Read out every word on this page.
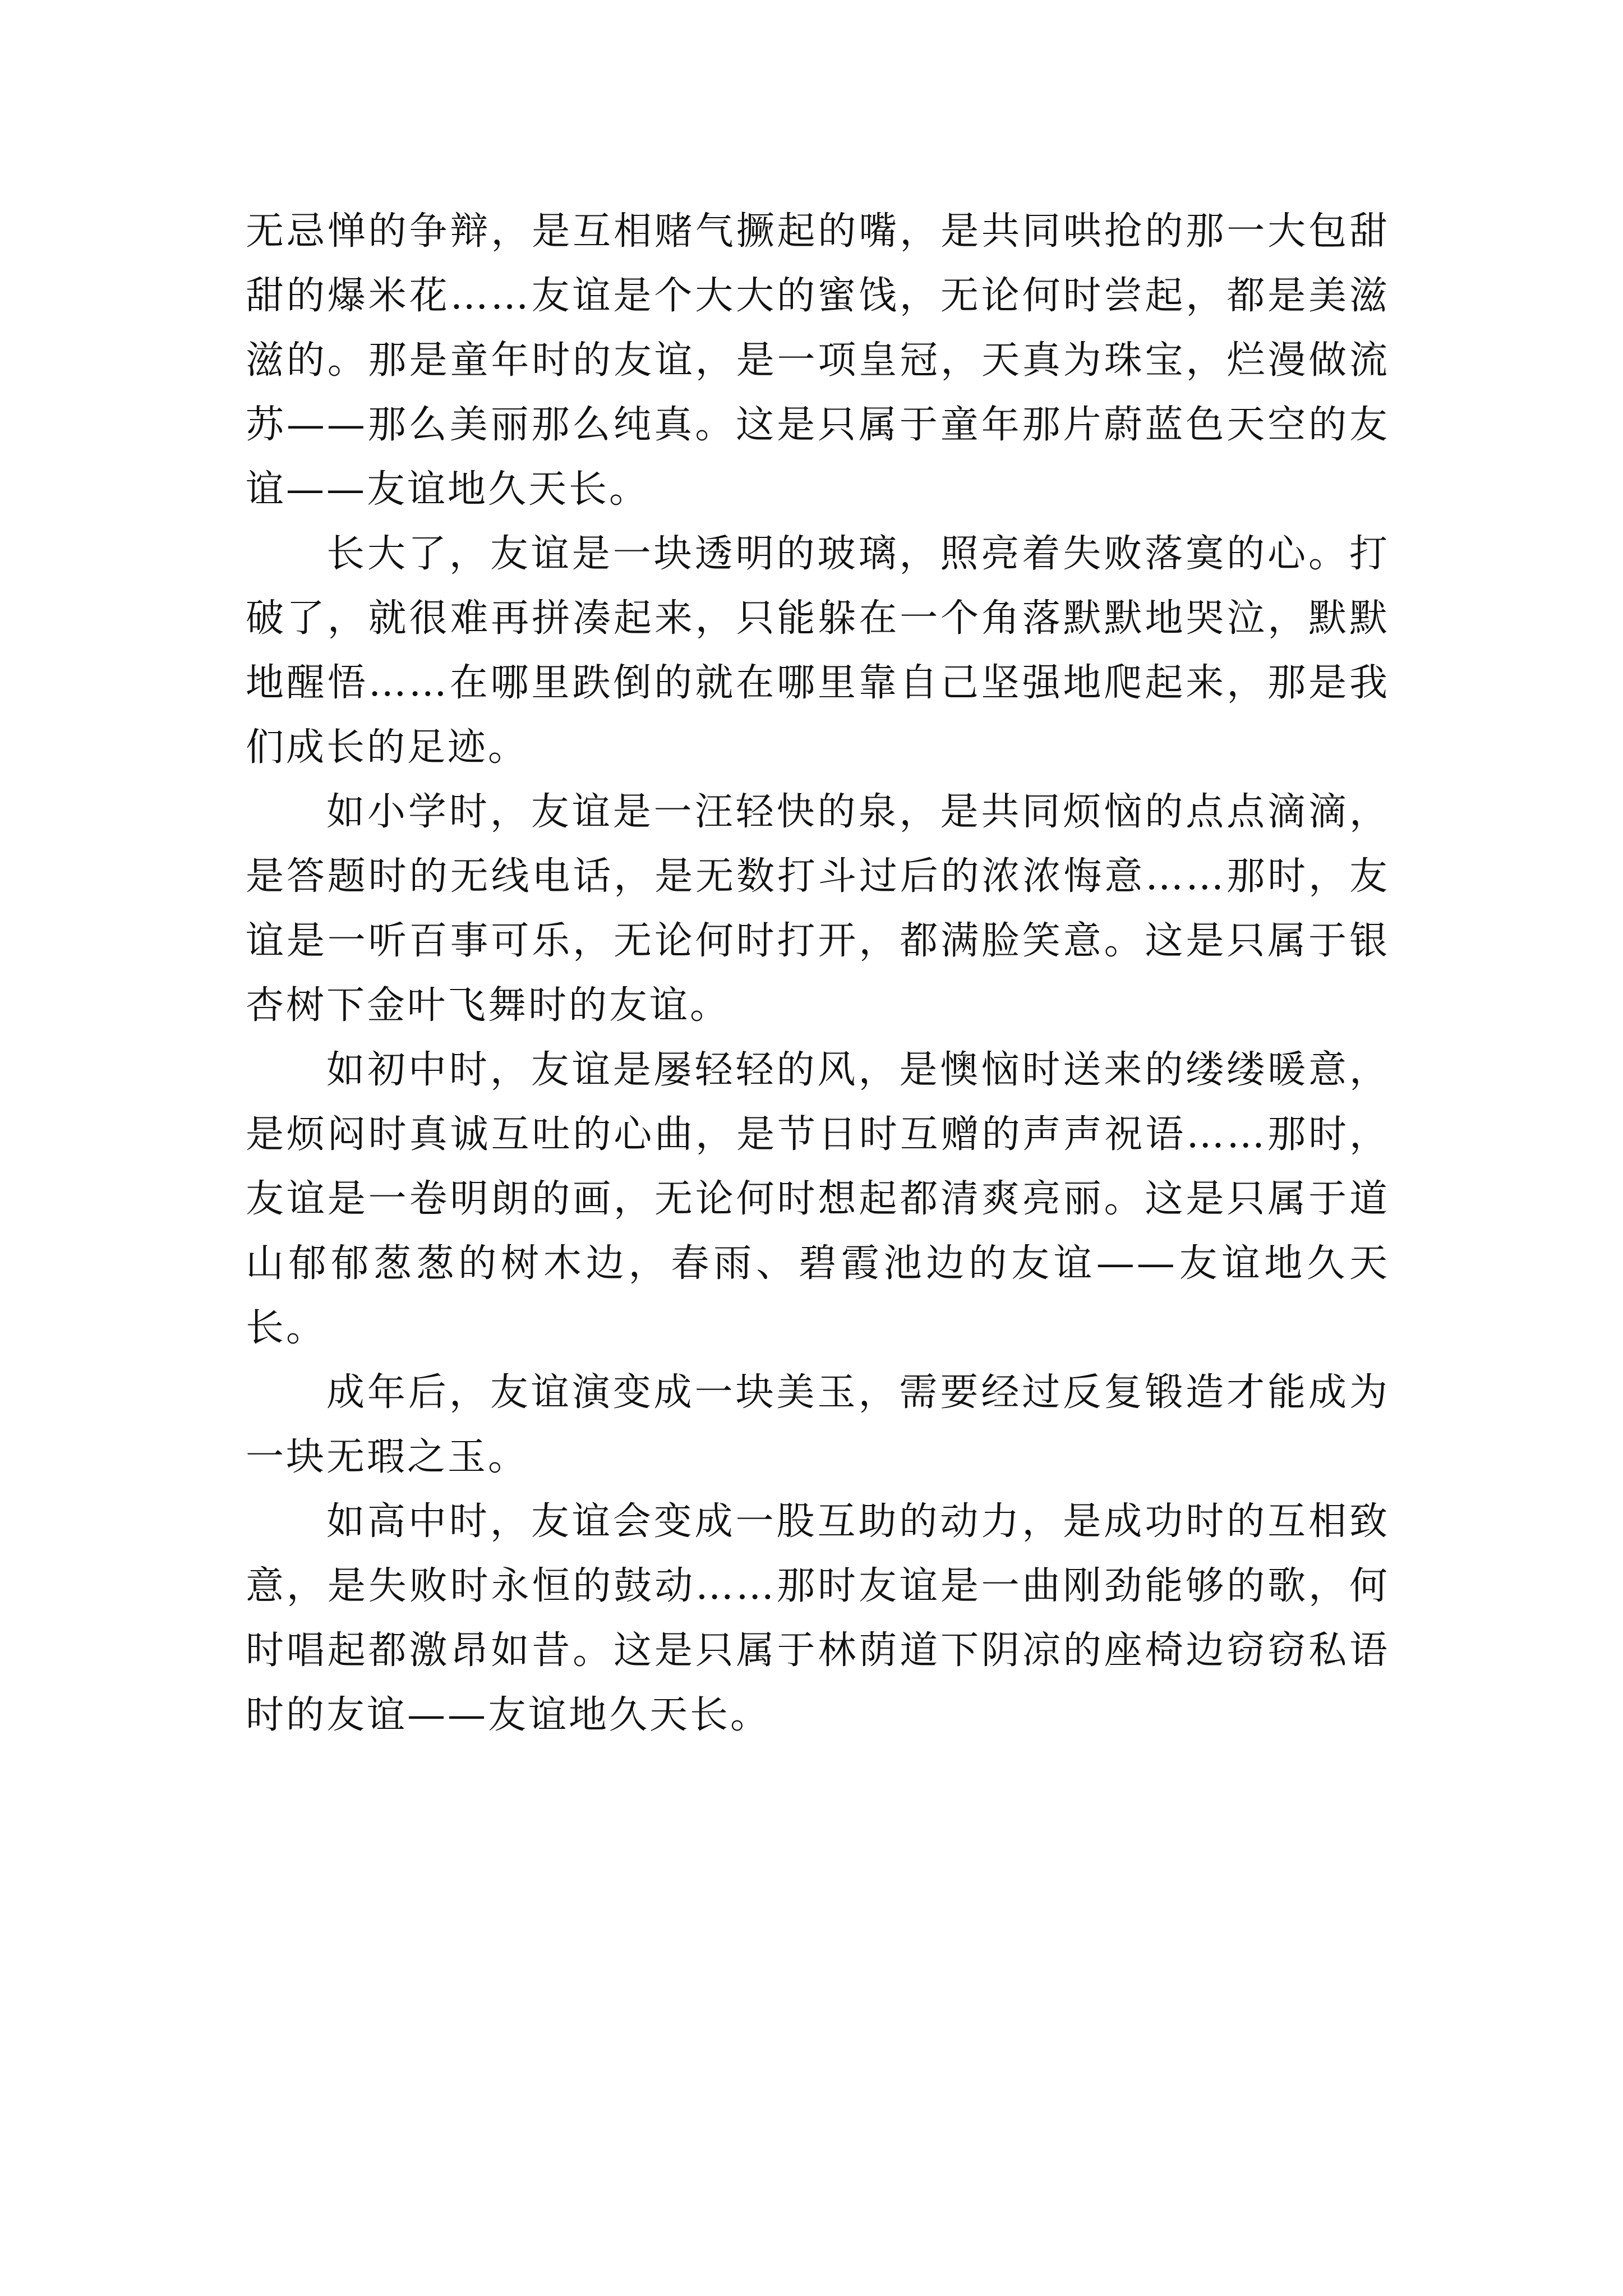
无忌惮的争辩，是互相赌气撅起的嘴，是共同哄抢的那一大包甜甜的爆米花……友谊是个大大的蜜饯，无论何时尝起，都是美滋滋的。那是童年时的友谊，是一项皇冠，天真为珠宝，烂漫做流苏——那么美丽那么纯真。这是只属于童年那片蔚蓝色天空的友谊——友谊地久天长。

长大了，友谊是一块透明的玻璃，照亮着失败落寞的心。打破了，就很难再拼凑起来，只能躲在一个角落默默地哭泣，默默地醒悟……在哪里跌倒的就在哪里靠自己坚强地爬起来，那是我们成长的足迹。

如小学时，友谊是一汪轻快的泉，是共同烦恼的点点滴滴，是答题时的无线电话，是无数打斗过后的浓浓悔意……那时，友谊是一听百事可乐，无论何时打开，都满脸笑意。这是只属于银杏树下金叶飞舞时的友谊。

如初中时，友谊是屡轻轻的风，是懊恼时送来的缕缕暖意，是烦闷时真诚互吐的心曲，是节日时互赠的声声祝语……那时，友谊是一卷明朗的画，无论何时想起都清爽亮丽。这是只属于道山郁郁葱葱的树木边，春雨、碧霞池边的友谊——友谊地久天长。

成年后，友谊演变成一块美玉，需要经过反复锻造才能成为一块无瑕之玉。

如高中时，友谊会变成一股互助的动力，是成功时的互相致意，是失败时永恒的鼓动……那时友谊是一曲刚劲能够的歌，何时唱起都激昂如昔。这是只属于林荫道下阴凉的座椅边窃窃私语时的友谊——友谊地久天长。
